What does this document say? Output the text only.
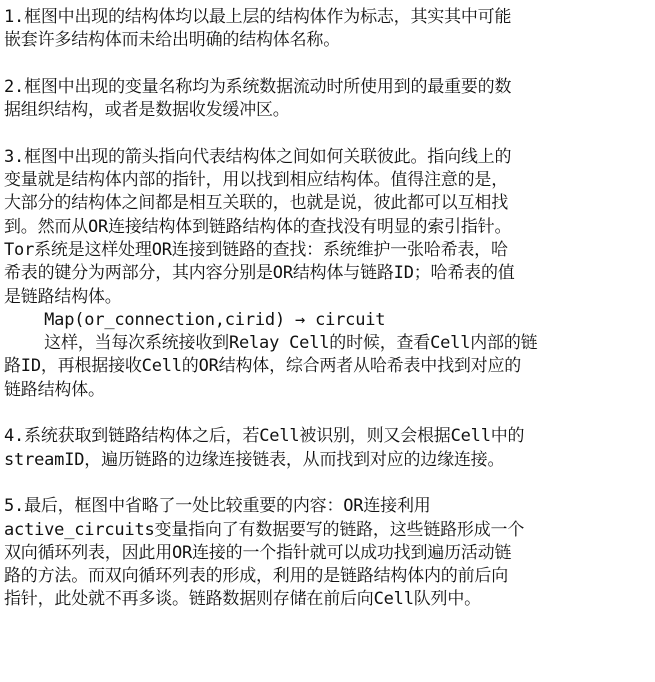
1.框图中出现的结构体均以最上层的结构体作为标志，其实其中可能
嵌套许多结构体而未给出明确的结构体名称。
2.框图中出现的变量名称均为系统数据流动时所使用到的最重要的数
据组织结构，或者是数据收发缓冲区。
3.框图中出现的箭头指向代表结构体之间如何关联彼此。指向线上的
变量就是结构体内部的指针，用以找到相应结构体。值得注意的是，
大部分的结构体之间都是相互关联的，也就是说，彼此都可以互相找
到。然而从OR连接结构体到链路结构体的查找没有明显的索引指针。
Tor系统是这样处理OR连接到链路的查找：系统维护一张哈希表，哈
希表的键分为两部分，其内容分别是OR结构体与链路ID；哈希表的值
是链路结构体。
Map(or_connection,cirid) → circuit
这样，当每次系统接收到Relay Cell的时候，查看Cell内部的链
路ID，再根据接收Cell的OR结构体，综合两者从哈希表中找到对应的
链路结构体。
4.系统获取到链路结构体之后，若Cell被识别，则又会根据Cell中的
streamID，遍历链路的边缘连接链表，从而找到对应的边缘连接。
5.最后，框图中省略了一处比较重要的内容：OR连接利用
active_circuits变量指向了有数据要写的链路，这些链路形成一个
双向循环列表，因此用OR连接的一个指针就可以成功找到遍历活动链
路的方法。而双向循环列表的形成，利用的是链路结构体内的前后向
指针，此处就不再多谈。链路数据则存储在前后向Cell队列中。
